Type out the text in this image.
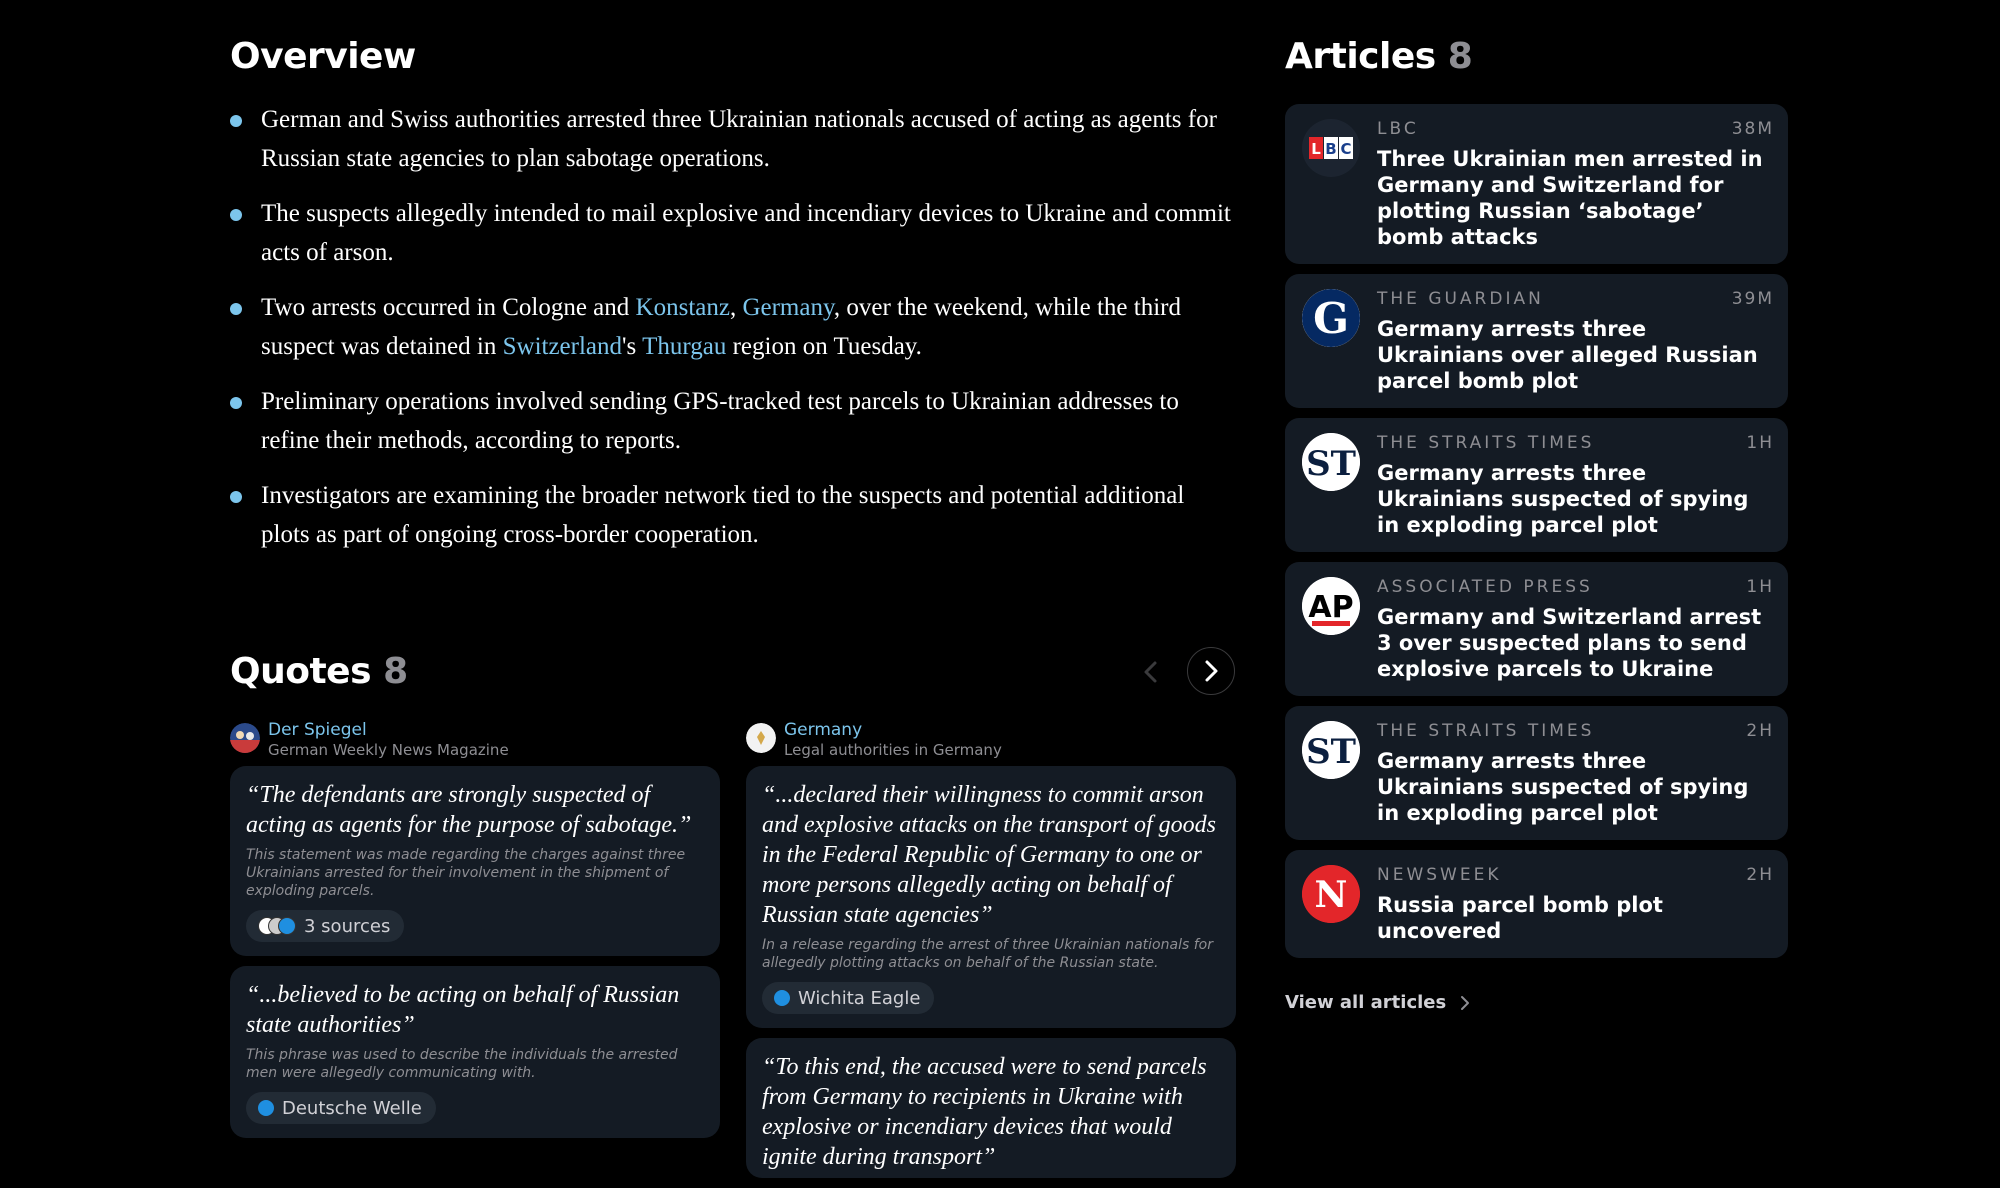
Overview
German and Swiss authorities arrested three Ukrainian nationals accused of acting as agents for Russian state agencies to plan sabotage operations.
The suspects allegedly intended to mail explosive and incendiary devices to Ukraine and commit acts of arson.
Two arrests occurred in Cologne and Konstanz, Germany, over the weekend, while the third suspect was detained in Switzerland's Thurgau region on Tuesday.
Preliminary operations involved sending GPS-tracked test parcels to Ukrainian addresses to refine their methods, according to reports.
Investigators are examining the broader network tied to the suspects and potential additional plots as part of ongoing cross-border cooperation.
Quotes 8
Der Spiegel
German Weekly News Magazine

“The defendants are strongly suspected of acting as agents for the purpose of sabotage.”

This statement was made regarding the charges against three Ukrainians arrested for their involvement in the shipment of exploding parcels.

3 sources

“...believed to be acting on behalf of Russian state authorities”

This phrase was used to describe the individuals the arrested men were allegedly communicating with.

Deutsche Welle
Germany
Legal authorities in Germany

“...declared their willingness to commit arson and explosive attacks on the transport of goods in the Federal Republic of Germany to one or more persons allegedly acting on behalf of Russian state agencies”

In a release regarding the arrest of three Ukrainian nationals for allegedly plotting attacks on behalf of the Russian state.

Wichita Eagle

“To this end, the accused were to send parcels from Germany to recipients in Ukraine with explosive or incendiary devices that would ignite during transport”

Articles 8
L B C
LBC	38M
Three Ukrainian men arrested in Germany and Switzerland for plotting Russian ‘sabotage’ bomb attacks
G THE GUARDIAN	39M
Germany arrests three Ukrainians over alleged Russian parcel bomb plot
ST
THE STRAITS TIMES	1H
Germany arrests three Ukrainians suspected of spying in exploding parcel plot
AP
ASSOCIATED PRESS	1H
Germany and Switzerland arrest 3 over suspected plans to send explosive parcels to Ukraine
ST
THE STRAITS TIMES	2H
Germany arrests three Ukrainians suspected of spying in exploding parcel plot
N NEWSWEEK	2H
Russia parcel bomb plot uncovered
View all articles
